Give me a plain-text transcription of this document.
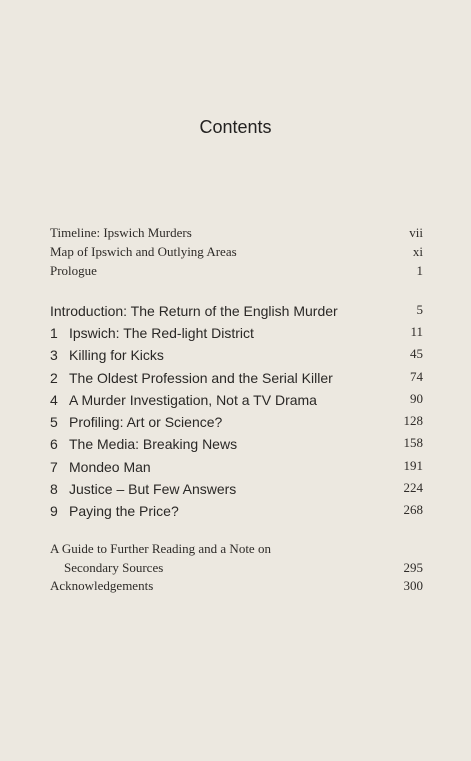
Contents
Timeline: Ipswich Murders	vii
Map of Ipswich and Outlying Areas	xi
Prologue	1
Introduction: The Return of the English Murder	5
1 Ipswich: The Red-light District	11
3 Killing for Kicks	45
2 The Oldest Profession and the Serial Killer	74
4 A Murder Investigation, Not a TV Drama	90
5 Profiling: Art or Science?	128
6 The Media: Breaking News	158
7 Mondeo Man	191
8 Justice – But Few Answers	224
9 Paying the Price?	268
A Guide to Further Reading and a Note on
Secondary Sources	295
Acknowledgements	300
